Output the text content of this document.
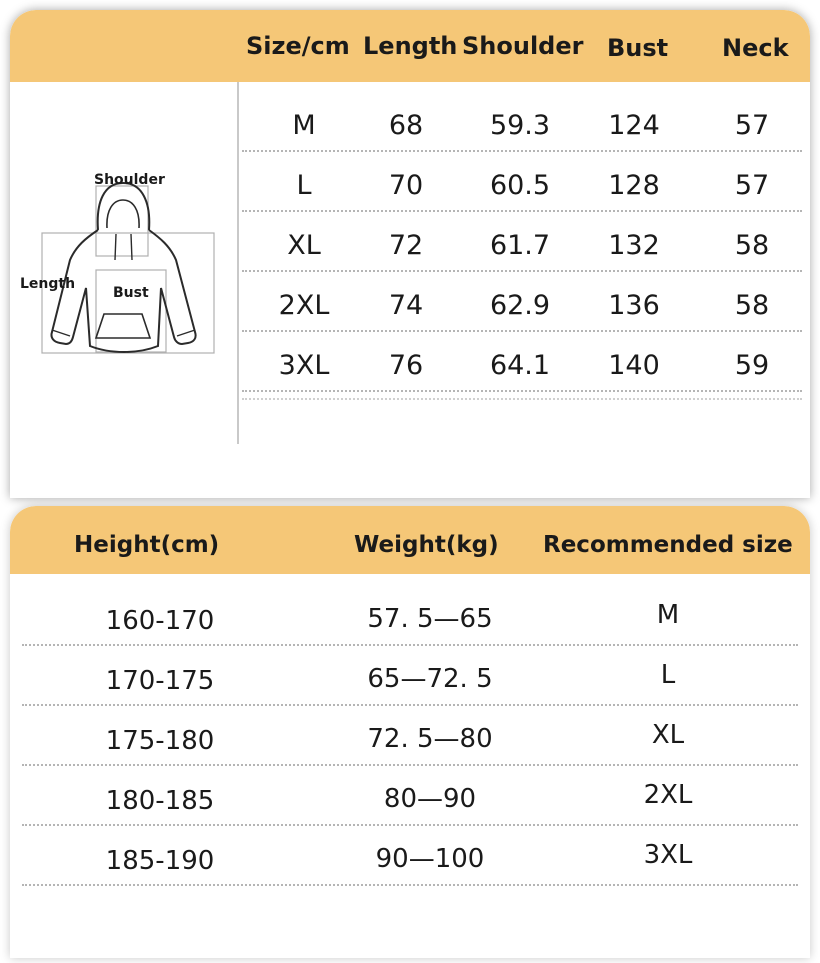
Size/cm Length Shoulder Bust Neck
Shoulder
Length
Bust
M	68 59.3 124	57
L	70 60.5 128	57
XL	72 61.7 132	58
2XL 74 62.9 136	58
3XL 76 64.1 140	59
Height(cm)	Weight(kg) Recommended size
160-170	57. 5—65	M
170-175	65—72. 5	L
175-180	72. 5—80	XL
180-185	80—90	2XL
185-190	90—100	3XL
